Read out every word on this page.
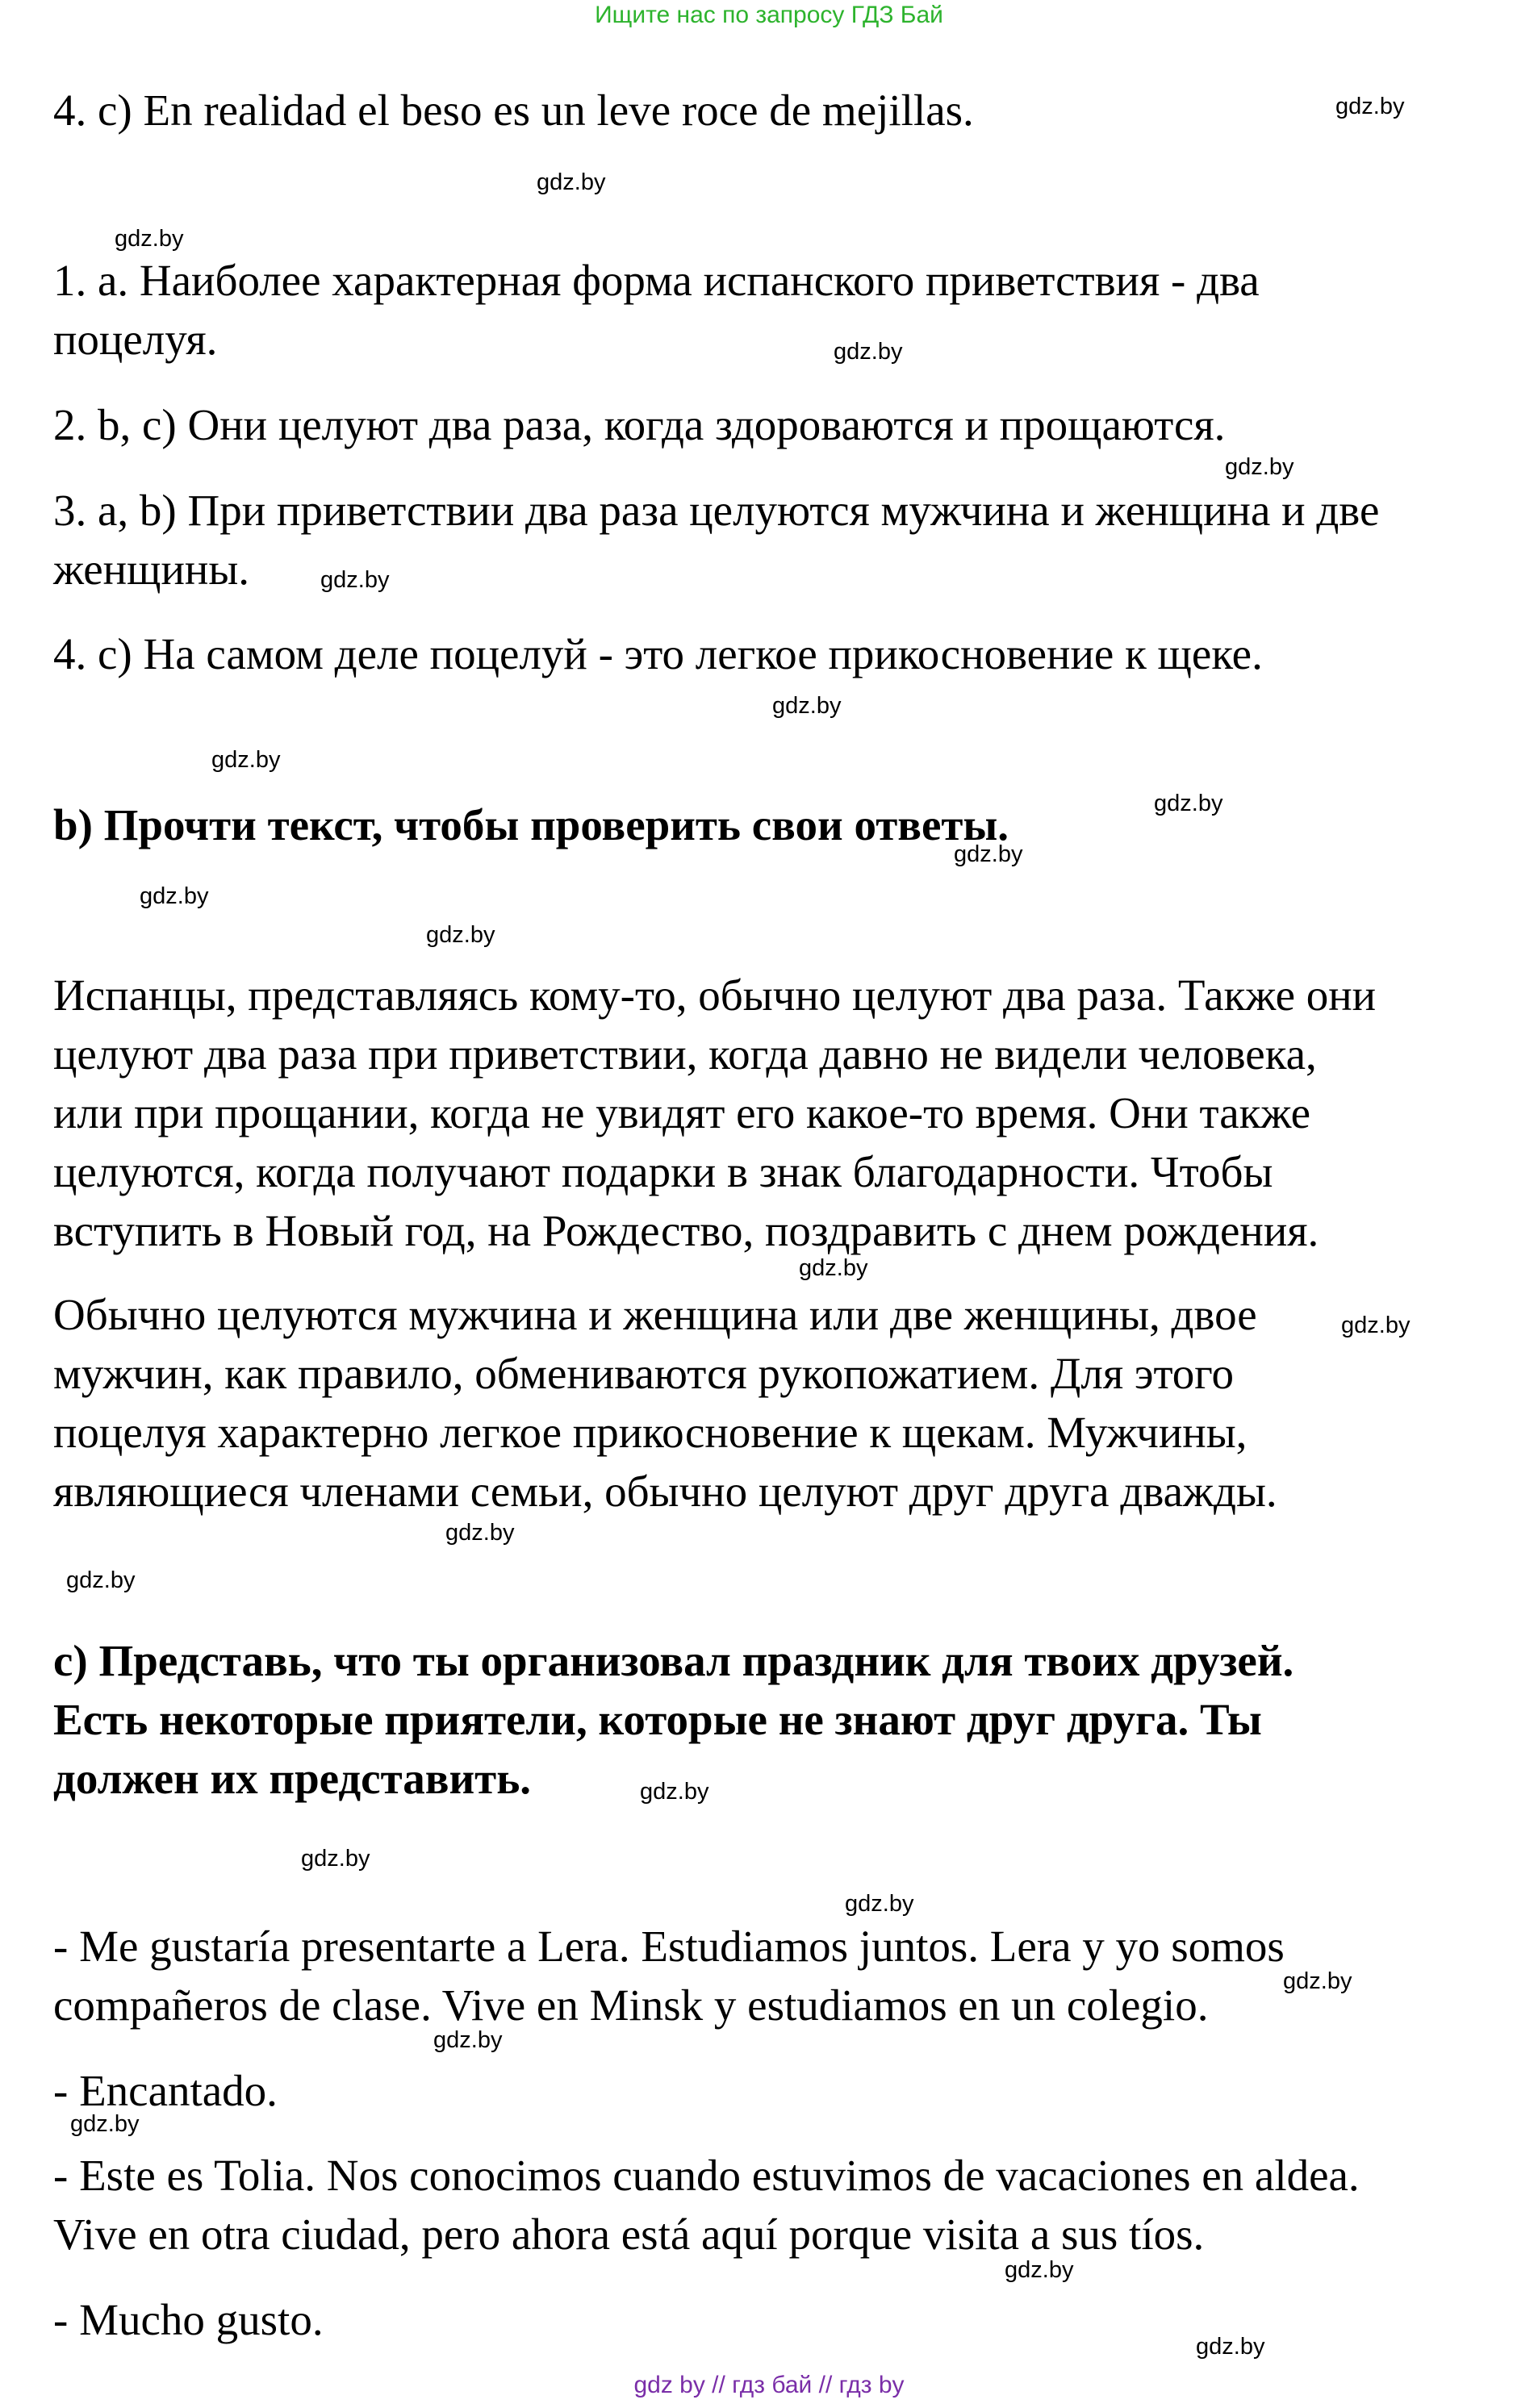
Ищите нас по запросу ГДЗ Бай
4. c) En realidad el beso es un leve roce de mejillas.
1. a. Наиболее характерная форма испанского приветствия - два
поцелуя.
2. b, c) Они целуют два раза, когда здороваются и прощаются.
3. a, b) При приветствии два раза целуются мужчина и женщина и две
женщины.
4. c) На самом деле поцелуй - это легкое прикосновение к щеке.
b) Прочти текст, чтобы проверить свои ответы.
Испанцы, представляясь кому-то, обычно целуют два раза. Также они
целуют два раза при приветствии, когда давно не видели человека,
или при прощании, когда не увидят его какое-то время. Они также
целуются, когда получают подарки в знак благодарности. Чтобы
вступить в Новый год, на Рождество, поздравить с днем рождения.
Обычно целуются мужчина и женщина или две женщины, двое
мужчин, как правило, обмениваются рукопожатием. Для этого
поцелуя характерно легкое прикосновение к щекам. Мужчины,
являющиеся членами семьи, обычно целуют друг друга дважды.
c) Представь, что ты организовал праздник для твоих друзей.
Есть некоторые приятели, которые не знают друг друга. Ты
должен их представить.
- Me gustaría presentarte a Lera. Estudiamos juntos. Lera y yo somos
compañeros de clase. Vive en Minsk y estudiamos en un colegio.
- Encantado.
- Este es Tolia. Nos conocimos cuando estuvimos de vacaciones en aldea.
Vive en otra ciudad, pero ahora está aquí porque visita a sus tíos.
- Mucho gusto.
gdz.by
gdz.by
gdz.by
gdz.by
gdz.by
gdz.by
gdz.by
gdz.by
gdz.by
gdz.by
gdz.by
gdz.by
gdz.by
gdz.by
gdz.by
gdz.by
gdz.by
gdz.by
gdz.by
gdz.by
gdz.by
gdz.by
gdz.by
gdz.by
gdz by // гдз бай // гдз by
